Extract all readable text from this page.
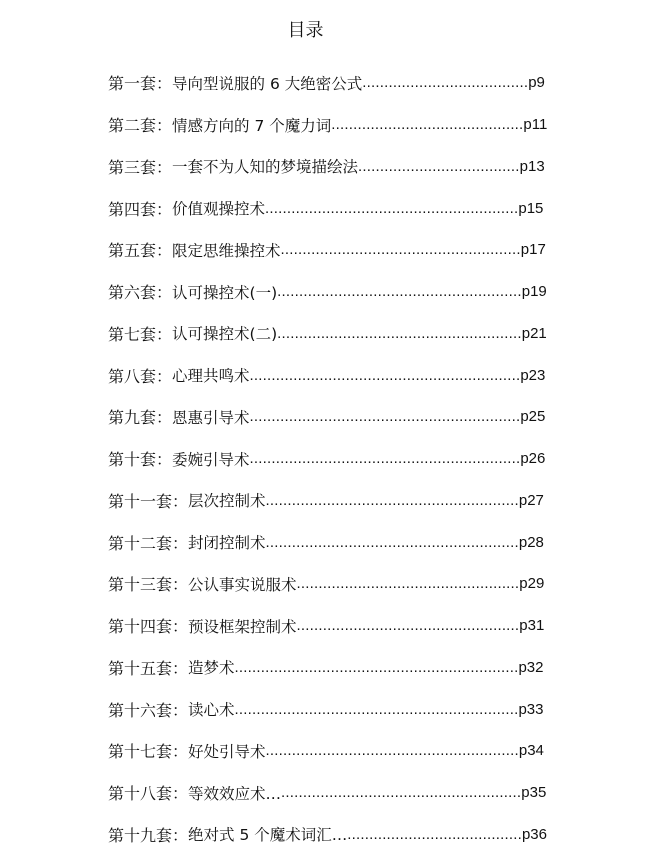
目录
第一套 ： 导向型说服的 6 大绝密公式 ...................................... p9
第二套 ： 情感方向的 7 个魔力词 ............................................ p11
第三套 ： 一套不为人知的梦境描绘法 ..................................... p13
第四套 ： 价值观操控术 .......................................................... p15
第五套 ： 限定思维操控术 ....................................................... p17
第六套 ： 认可操控术(一) ........................................................ p19
第七套 ： 认可操控术(二) ........................................................ p21
第八套 ： 心理共鸣术 .............................................................. p23
第九套 ： 恩惠引导术 .............................................................. p25
第十套 ： 委婉引导术 .............................................................. p26
第十一套 ： 层次控制术 .......................................................... p27
第十二套 ： 封闭控制术 .......................................................... p28
第十三套 ： 公认事实说服术 ................................................... p29
第十四套 ： 预设框架控制术 ................................................... p31
第十五套 ： 造梦术 ................................................................. p32
第十六套 ： 读心术 ................................................................. p33
第十七套 ： 好处引导术 .......................................................... p34
第十八套 ： 等效效应术… ....................................................... p35
第十九套 ： 绝对式 5 个魔术词汇… ........................................ p36
